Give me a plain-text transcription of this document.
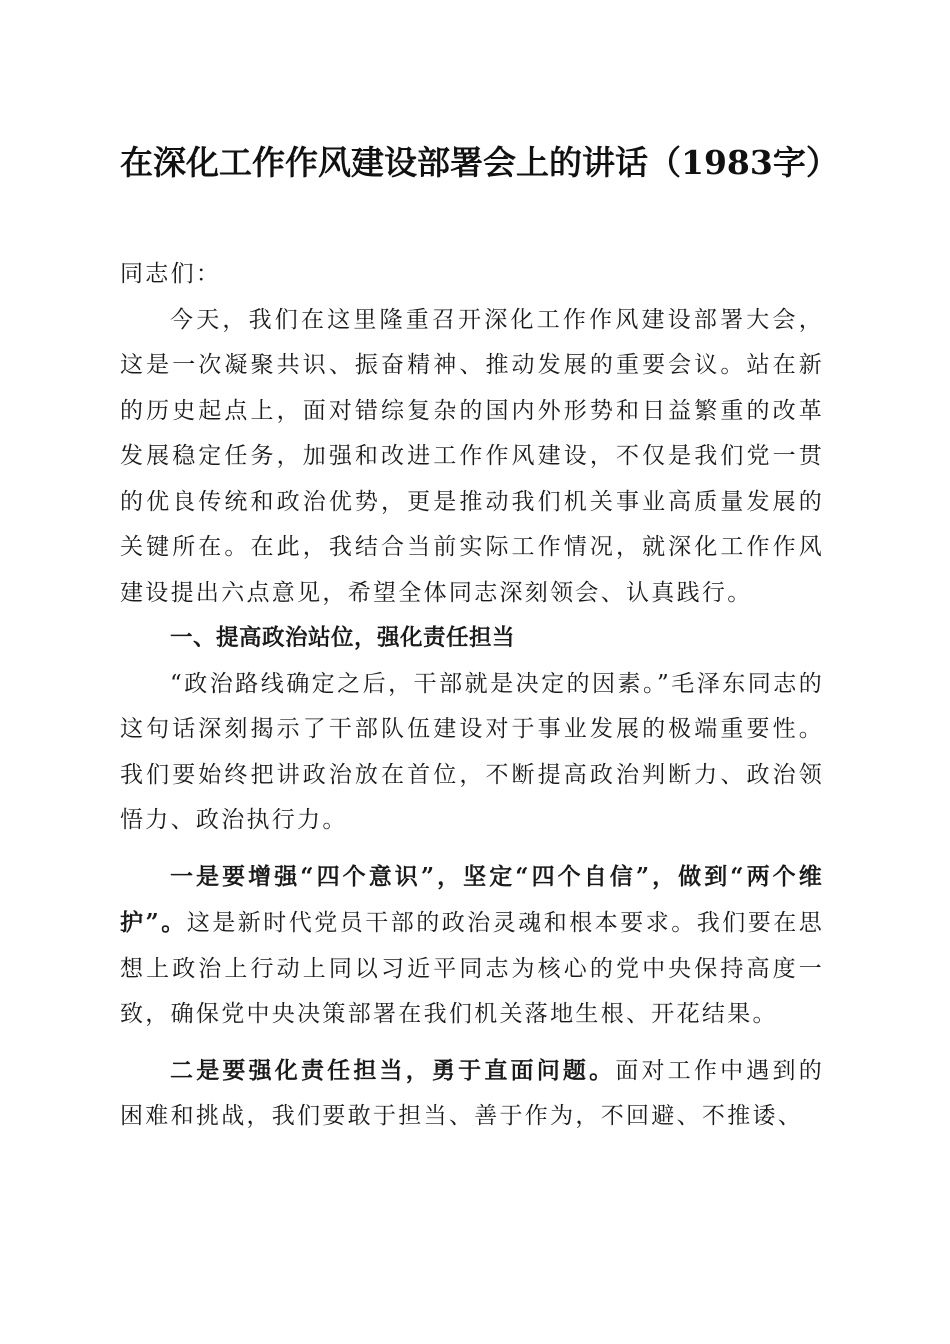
在深化工作作风建设部署会上的讲话（1983字）

同志们：

今天，我们在这里隆重召开深化工作作风建设部署大会，这是一次凝聚共识、振奋精神、推动发展的重要会议。站在新的历史起点上，面对错综复杂的国内外形势和日益繁重的改革发展稳定任务，加强和改进工作作风建设，不仅是我们党一贯的优良传统和政治优势，更是推动我们机关事业高质量发展的关键所在。在此，我结合当前实际工作情况，就深化工作作风建设提出六点意见，希望全体同志深刻领会、认真践行。

一、提高政治站位，强化责任担当

“政治路线确定之后，干部就是决定的因素。”毛泽东同志的这句话深刻揭示了干部队伍建设对于事业发展的极端重要性。我们要始终把讲政治放在首位，不断提高政治判断力、政治领悟力、政治执行力。

一是要增强“四个意识”，坚定“四个自信”，做到“两个维护”。这是新时代党员干部的政治灵魂和根本要求。我们要在思想上政治上行动上同以习近平同志为核心的党中央保持高度一致，确保党中央决策部署在我们机关落地生根、开花结果。

二是要强化责任担当，勇于直面问题。面对工作中遇到的困难和挑战，我们要敢于担当、善于作为，不回避、不推诿、
